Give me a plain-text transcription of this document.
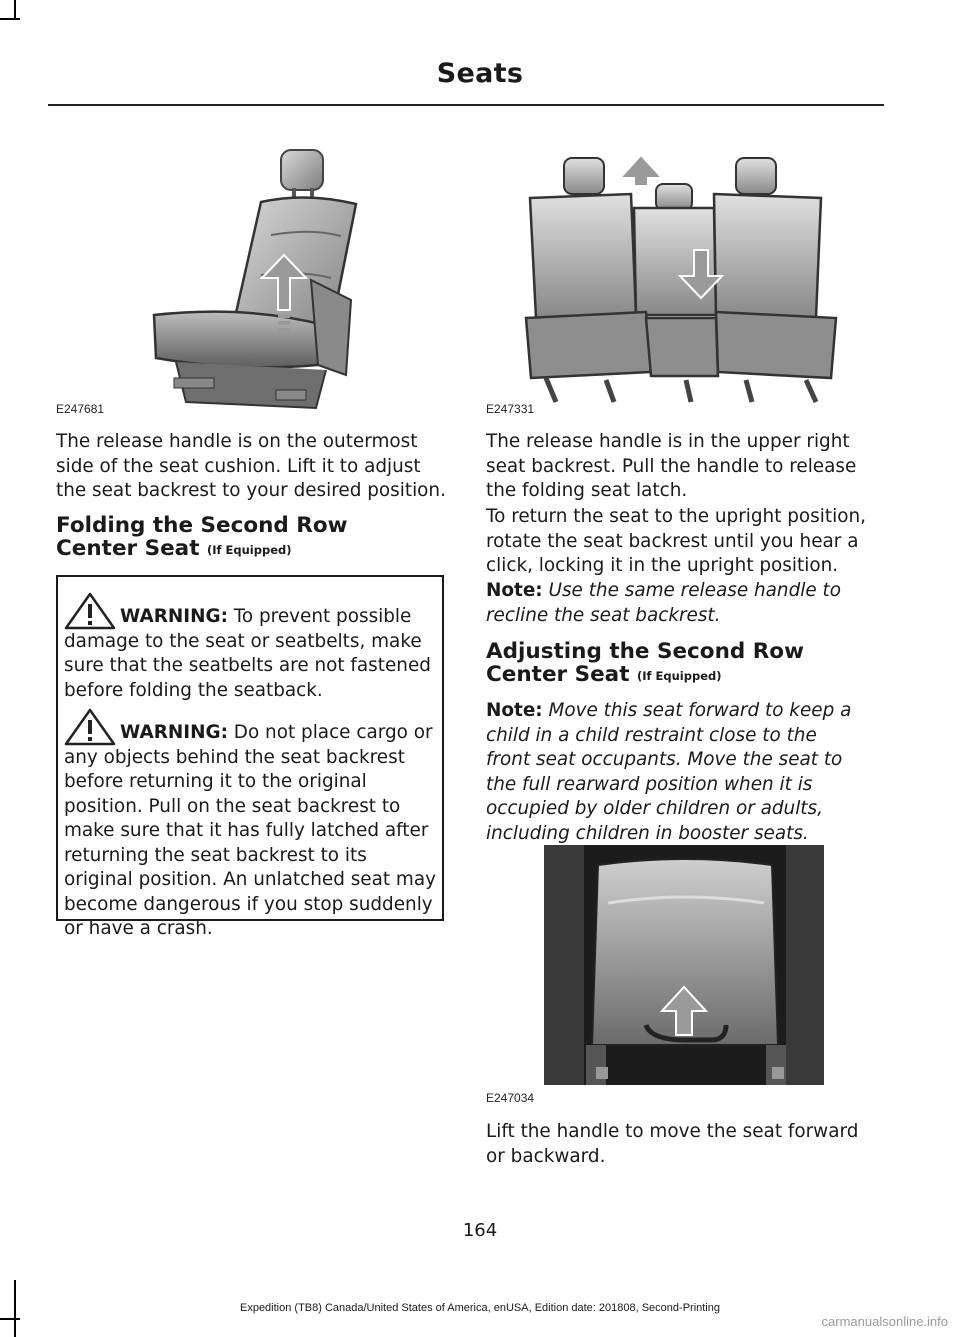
Seats
E247681	E247331

The release handle is on the outermost side of the seat cushion. Lift it to adjust the seat backrest to your desired position.

Folding the Second Row Center Seat (If Equipped)
WARNING: To prevent possible damage to the seat or seatbelts, make sure that the seatbelts are not fastened before folding the seatback.
WARNING: Do not place cargo or any objects behind the seat backrest before returning it to the original position. Pull on the seat backrest to make sure that it has fully latched after returning the seat backrest to its original position. An unlatched seat may become dangerous if you stop suddenly or have a crash.

The release handle is in the upper right seat backrest. Pull the handle to release the folding seat latch.

To return the seat to the upright position, rotate the seat backrest until you hear a click, locking it in the upright position.

Note: Use the same release handle to recline the seat backrest.

Adjusting the Second Row Center Seat (If Equipped)

Note: Move this seat forward to keep a child in a child restraint close to the front seat occupants. Move the seat to the full rearward position when it is occupied by older children or adults, including children in booster seats.

E247034

Lift the handle to move the seat forward or backward.

164
Expedition (TB8) Canada/United States of America, enUSA, Edition date: 201808, Second-Printing
carmanualsonline.info
